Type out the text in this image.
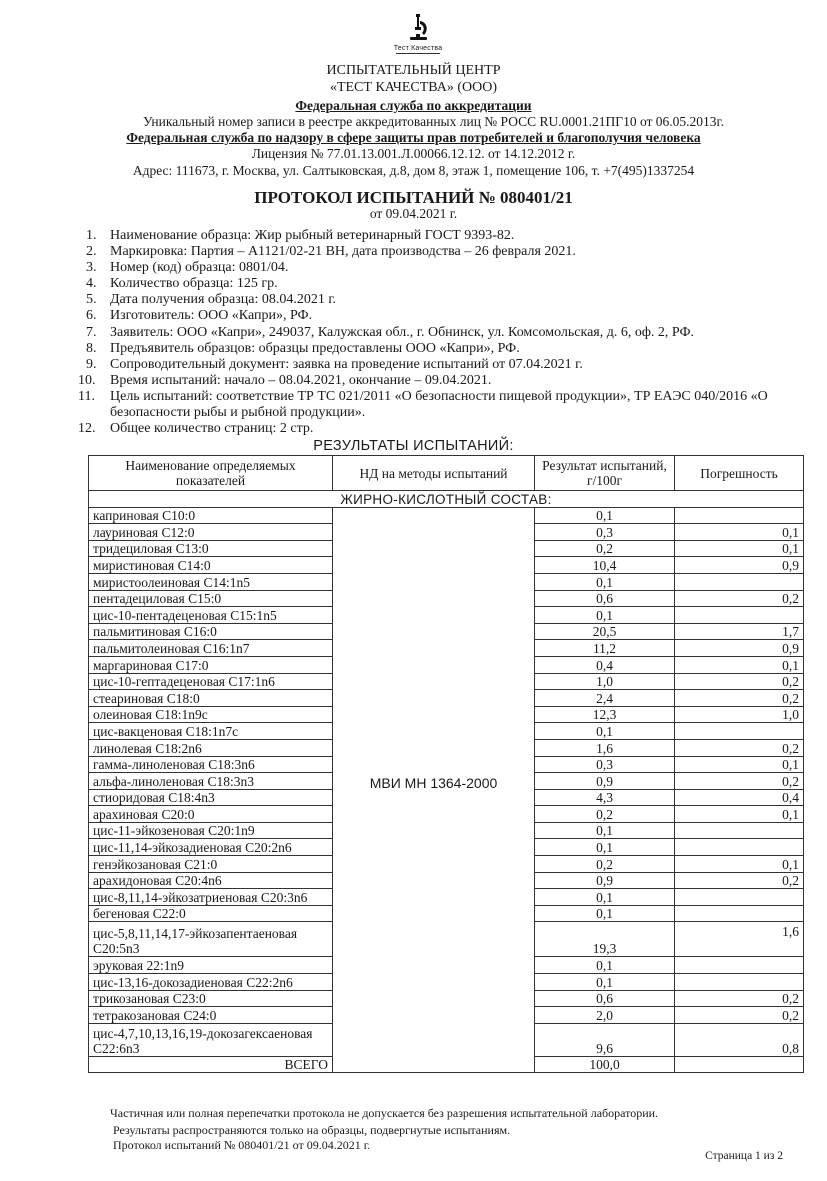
Тест Качества
ИСПЫТАТЕЛЬНЫЙ ЦЕНТР
«ТЕСТ КАЧЕСТВА» (ООО)
Федеральная служба по аккредитации
Уникальный номер записи в реестре аккредитованных лиц № РОСС RU.0001.21ПГ10 от 06.05.2013г.
Федеральная служба по надзору в сфере защиты прав потребителей и благополучия человека
Лицензия № 77.01.13.001.Л.00066.12.12. от 14.12.2012 г.
Адрес: 111673, г. Москва, ул. Салтыковская, д.8, дом 8, этаж 1, помещение 106, т. +7(495)1337254
ПРОТОКОЛ ИСПЫТАНИЙ № 080401/21
от 09.04.2021 г.
1. Наименование образца: Жир рыбный ветеринарный ГОСТ 9393-82.
2. Маркировка: Партия – А1121/02-21 ВН, дата производства – 26 февраля 2021.
3. Номер (код) образца: 0801/04.
4. Количество образца: 125 гр.
5. Дата получения образца: 08.04.2021 г.
6. Изготовитель: ООО «Капри», РФ.
7. Заявитель: ООО «Капри», 249037, Калужская обл., г. Обнинск, ул. Комсомольская, д. 6, оф. 2, РФ.
8. Предъявитель образцов: образцы предоставлены ООО «Капри», РФ.
9. Сопроводительный документ: заявка на проведение испытаний от 07.04.2021 г.
10. Время испытаний: начало – 08.04.2021, окончание – 09.04.2021.
11. Цель испытаний: соответствие ТР ТС 021/2011 «О безопасности пищевой продукции», ТР ЕАЭС 040/2016 «О безопасности рыбы и рыбной продукции».
12. Общее количество страниц: 2 стр.
РЕЗУЛЬТАТЫ ИСПЫТАНИЙ:
Наименование определяемых показателей	НД на методы испытаний	Результат испытаний, г/100г	Погрешность
ЖИРНО-КИСЛОТНЫЙ СОСТАВ:			
каприновая С10:0	МВИ МН 1364-2000	0,1	
лауриновая С12:0		0,3	0,1
тридециловая С13:0		0,2	0,1
миристиновая С14:0		10,4	0,9
миристоолеиновая С14:1n5		0,1	
пентадециловая С15:0		0,6	0,2
цис-10-пентадеценовая С15:1n5		0,1	
пальмитиновая С16:0		20,5	1,7
пальмитолеиновая С16:1n7		11,2	0,9
маргариновая С17:0		0,4	0,1
цис-10-гептадеценовая С17:1n6		1,0	0,2
стеариновая С18:0		2,4	0,2
олеиновая С18:1n9c		12,3	1,0
цис-вакценовая С18:1n7c		0,1	
линолевая С18:2n6		1,6	0,2
гамма-линоленовая С18:3n6		0,3	0,1
альфа-линоленовая С18:3n3		0,9	0,2
стиоридовая С18:4n3		4,3	0,4
арахиновая С20:0		0,2	0,1
цис-11-эйкозеновая С20:1n9		0,1	
цис-11,14-эйкозадиеновая С20:2n6		0,1	
генэйкозановая С21:0		0,2	0,1
арахидоновая С20:4n6		0,9	0,2
цис-8,11,14-эйкозатриеновая С20:3n6		0,1	
бегеновая С22:0		0,1	
цис-5,8,11,14,17-эйкозапентаеновая С20:5n3		19,3	1,6
эруковая 22:1n9		0,1	
цис-13,16-докозадиеновая С22:2n6		0,1	
трикозановая С23:0		0,6	0,2
тетракозановая С24:0		2,0	0,2
цис-4,7,10,13,16,19-докозагексаеновая С22:6n3		9,6	0,8
ВСЕГО		100,0	
Частичная или полная перепечатки протокола не допускается без разрешения испытательной лаборатории.
Результаты распространяются только на образцы, подвергнутые испытаниям.
Протокол испытаний № 080401/21 от 09.04.2021 г.
Страница 1 из 2
